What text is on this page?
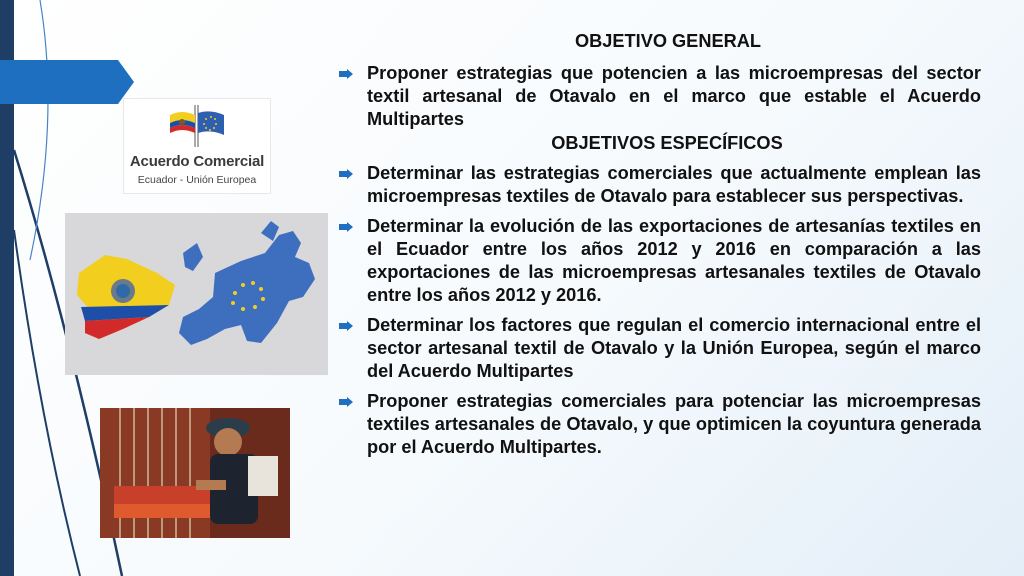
Acuerdo Comercial
Ecuador - Unión Europea
OBJETIVO GENERAL
Proponer estrategias que potencien a las microempresas del sector textil artesanal de Otavalo en el marco que estable el Acuerdo Multipartes
OBJETIVOS ESPECÍFICOS
Determinar las estrategias comerciales que actualmente emplean las microempresas textiles de Otavalo para establecer sus perspectivas.
Determinar la evolución de las exportaciones de artesanías textiles en el Ecuador entre los años 2012 y 2016 en comparación a las exportaciones de las microempresas artesanales textiles de Otavalo entre los años 2012 y 2016.
Determinar los factores que regulan el comercio internacional entre el sector artesanal textil de Otavalo y la Unión Europea, según el marco del Acuerdo Multipartes
Proponer estrategias comerciales para potenciar las microempresas textiles artesanales de Otavalo, y que optimicen la coyuntura generada por el Acuerdo Multipartes.
